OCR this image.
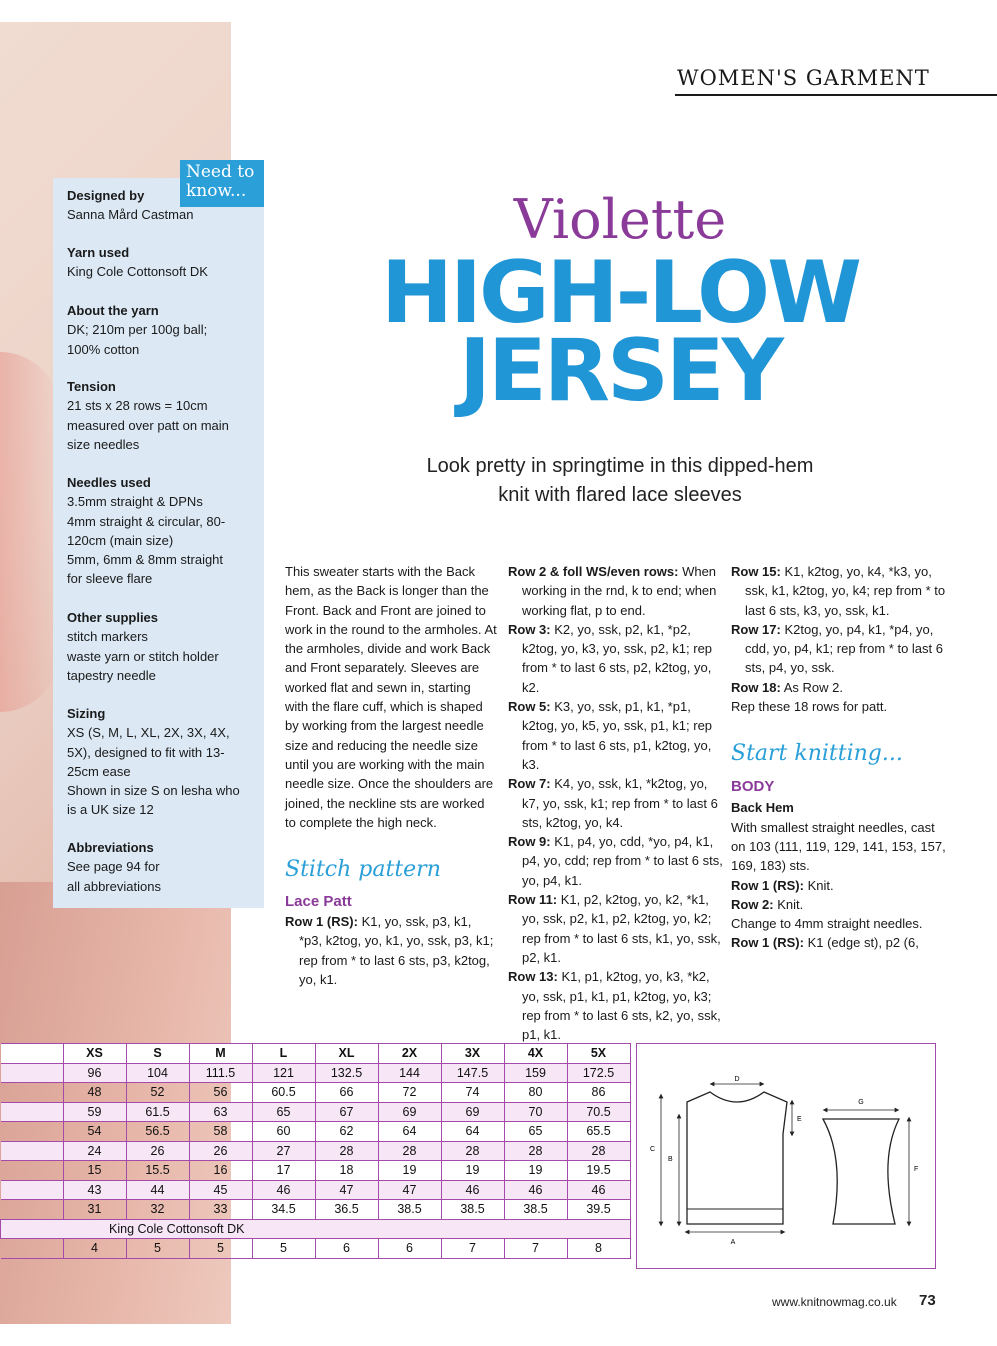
WOMEN'S GARMENT
Need to
know...
Designed by
Sanna Mård Castman
Yarn used
King Cole Cottonsoft DK
About the yarn
DK; 210m per 100g ball;
100% cotton
Tension
21 sts x 28 rows = 10cm
measured over patt on main
size needles
Needles used
3.5mm straight & DPNs
4mm straight & circular, 80-
120cm (main size)
5mm, 6mm & 8mm straight
for sleeve flare
Other supplies
stitch markers
waste yarn or stitch holder
tapestry needle
Sizing
XS (S, M, L, XL, 2X, 3X, 4X,
5X), designed to fit with 13-
25cm ease
Shown in size S on lesha who
is a UK size 12
Abbreviations
See page 94 for
all abbreviations
Violette
HIGH-LOW
JERSEY
Look pretty in springtime in this dipped-hem
knit with flared lace sleeves
This sweater starts with the Back hem, as the Back is longer than the Front. Back and Front are joined to work in the round to the armholes. At the armholes, divide and work Back and Front separately. Sleeves are worked flat and sewn in, starting with the flare cuff, which is shaped by working from the largest needle size and reducing the needle size until you are working with the main needle size. Once the shoulders are joined, the neckline sts are worked to complete the high neck.
Stitch pattern
Lace Patt
Row 1 (RS): K1, yo, ssk, p3, k1, *p3, k2tog, yo, k1, yo, ssk, p3, k1; rep from * to last 6 sts, p3, k2tog, yo, k1.
Row 2 & foll WS/even rows: When working in the rnd, k to end; when working flat, p to end.
Row 3: K2, yo, ssk, p2, k1, *p2, k2tog, yo, k3, yo, ssk, p2, k1; rep from * to last 6 sts, p2, k2tog, yo, k2.
Row 5: K3, yo, ssk, p1, k1, *p1, k2tog, yo, k5, yo, ssk, p1, k1; rep from * to last 6 sts, p1, k2tog, yo, k3.
Row 7: K4, yo, ssk, k1, *k2tog, yo, k7, yo, ssk, k1; rep from * to last 6 sts, k2tog, yo, k4.
Row 9: K1, p4, yo, cdd, *yo, p4, k1, p4, yo, cdd; rep from * to last 6 sts, yo, p4, k1.
Row 11: K1, p2, k2tog, yo, k2, *k1, yo, ssk, p2, k1, p2, k2tog, yo, k2; rep from * to last 6 sts, k1, yo, ssk, p2, k1.
Row 13: K1, p1, k2tog, yo, k3, *k2, yo, ssk, p1, k1, p1, k2tog, yo, k3; rep from * to last 6 sts, k2, yo, ssk, p1, k1.
Row 15: K1, k2tog, yo, k4, *k3, yo, ssk, k1, k2tog, yo, k4; rep from * to last 6 sts, k3, yo, ssk, k1.
Row 17: K2tog, yo, p4, k1, *p4, yo, cdd, yo, p4, k1; rep from * to last 6 sts, p4, yo, ssk.
Row 18: As Row 2.
Rep these 18 rows for patt.
Start knitting...
BODY
Back Hem
With smallest straight needles, cast on 103 (111, 119, 129, 141, 153, 157, 169, 183) sts.
Row 1 (RS): Knit.
Row 2: Knit.
Change to 4mm straight needles.
Row 1 (RS): K1 (edge st), p2 (6,
	XS	S	M	L	XL	2X	3X	4X	5X
	96	104	111.5	121	132.5	144	147.5	159	172.5
	48	52	56	60.5	66	72	74	80	86
	59	61.5	63	65	67	69	69	70	70.5
	54	56.5	58	60	62	64	64	65	65.5
	24	26	26	27	28	28	28	28	28
	15	15.5	16	17	18	19	19	19	19.5
	43	44	45	46	47	47	46	46	46
	31	32	33	34.5	36.5	38.5	38.5	38.5	39.5
King Cole Cottonsoft DK									
	4	5	5	5	6	6	7	7	8	A
B
C
D
E
G
F
www.knitnowmag.co.uk 73
